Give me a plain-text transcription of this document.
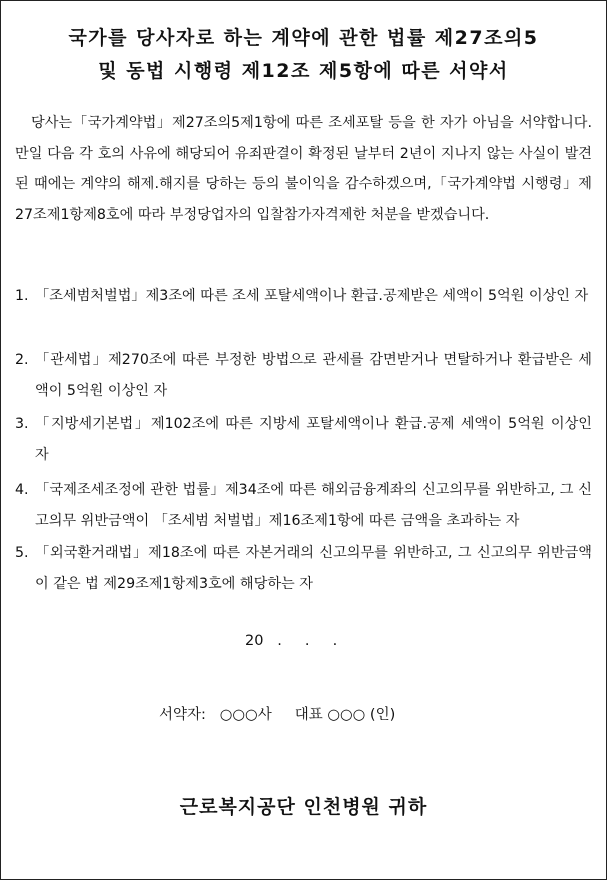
국가를 당사자로 하는 계약에 관한 법률 제27조의5
및 동법 시행령 제12조 제5항에 따른 서약서
당사는「국가계약법」제27조의5제1항에 따른 조세포탈 등을 한 자가 아님을 서약합니다. 만일 다음 각 호의 사유에 해당되어 유죄판결이 확정된 날부터 2년이 지나지 않는 사실이 발견된 때에는 계약의 해제․해지를 당하는 등의 불이익을 감수하겠으며,「국가계약법 시행령」제27조제1항제8호에 따라 부정당업자의 입찰참가자격제한 처분을 받겠습니다.
1. 「조세범처벌법」제3조에 따른 조세 포탈세액이나 환급․공제받은 세액이 5억원 이상인 자
2. 「관세법」제270조에 따른 부정한 방법으로 관세를 감면받거나 면탈하거나 환급받은 세액이 5억원 이상인 자
3. 「지방세기본법」제102조에 따른 지방세 포탈세액이나 환급․공제 세액이 5억원 이상인 자
4. 「국제조세조정에 관한 법률」제34조에 따른 해외금융계좌의 신고의무를 위반하고, 그 신고의무 위반금액이 「조세범 처벌법」제16조제1항에 따른 금액을 초과하는 자
5. 「외국환거래법」제18조에 따른 자본거래의 신고의무를 위반하고, 그 신고의무 위반금액이 같은 법 제29조제1항제3호에 해당하는 자
20   .     .     .
서약자:   ○○○사     대표 ○○○ (인)
근로복지공단 인천병원 귀하
